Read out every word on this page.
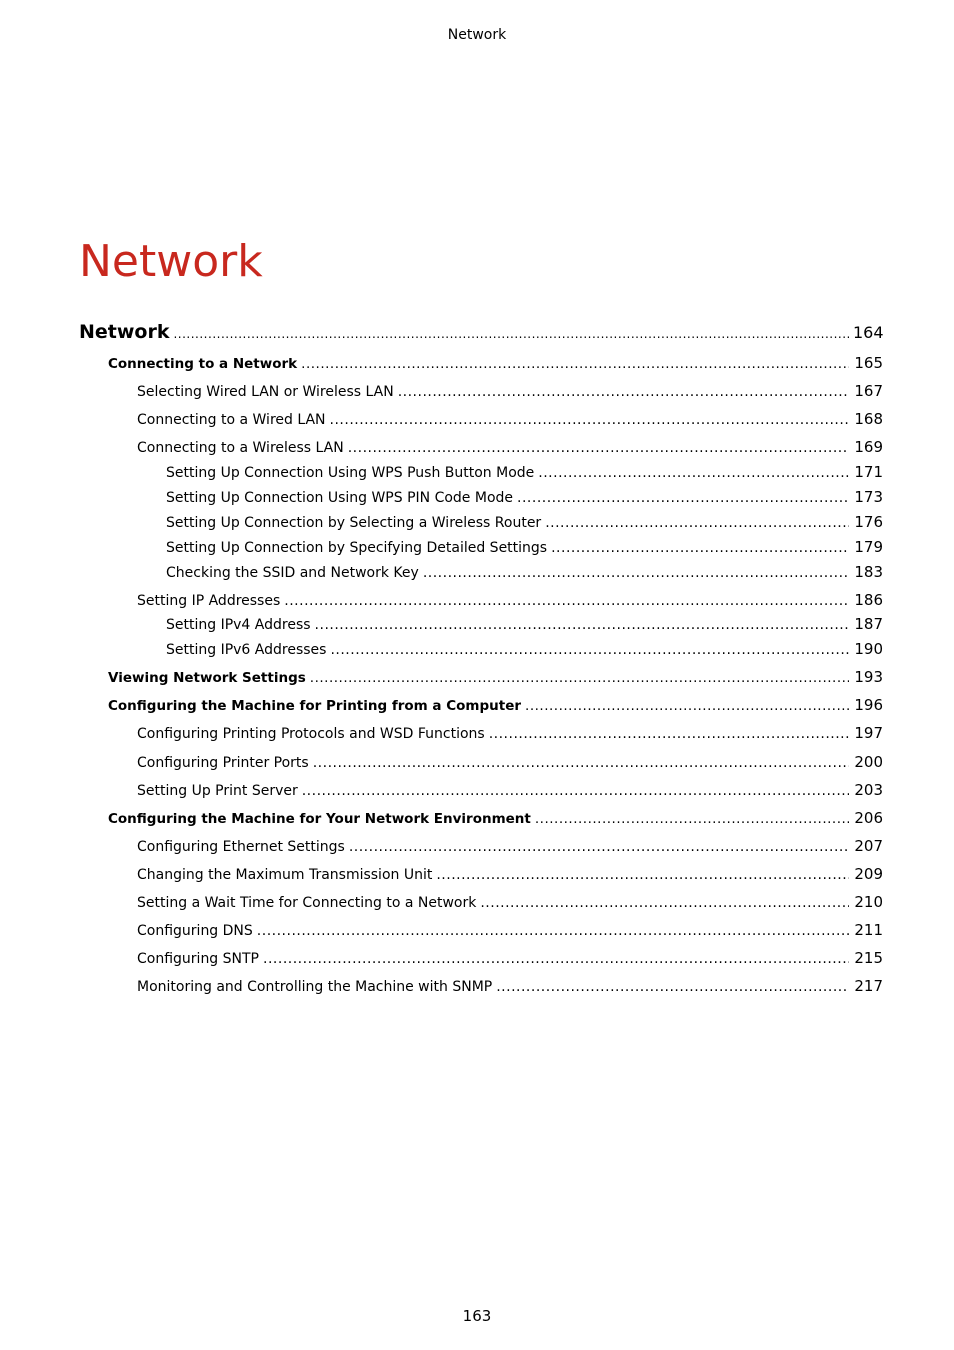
Network
Network
Network .....	164
Connecting to a Network .....	165
Selecting Wired LAN or Wireless LAN .....	167
Connecting to a Wired LAN .....	168
Connecting to a Wireless LAN .....	169
Setting Up Connection Using WPS Push Button Mode .....	171
Setting Up Connection Using WPS PIN Code Mode .....	173
Setting Up Connection by Selecting a Wireless Router .....	176
Setting Up Connection by Specifying Detailed Settings .....	179
Checking the SSID and Network Key .....	183
Setting IP Addresses .....	186
Setting IPv4 Address .....	187
Setting IPv6 Addresses .....	190
Viewing Network Settings .....	193
Configuring the Machine for Printing from a Computer .....	196
Configuring Printing Protocols and WSD Functions .....	197
Configuring Printer Ports .....	200
Setting Up Print Server .....	203
Configuring the Machine for Your Network Environment .....	206
Configuring Ethernet Settings .....	207
Changing the Maximum Transmission Unit .....	209
Setting a Wait Time for Connecting to a Network .....	210
Configuring DNS .....	211
Configuring SNTP .....	215
Monitoring and Controlling the Machine with SNMP .....	217
163
